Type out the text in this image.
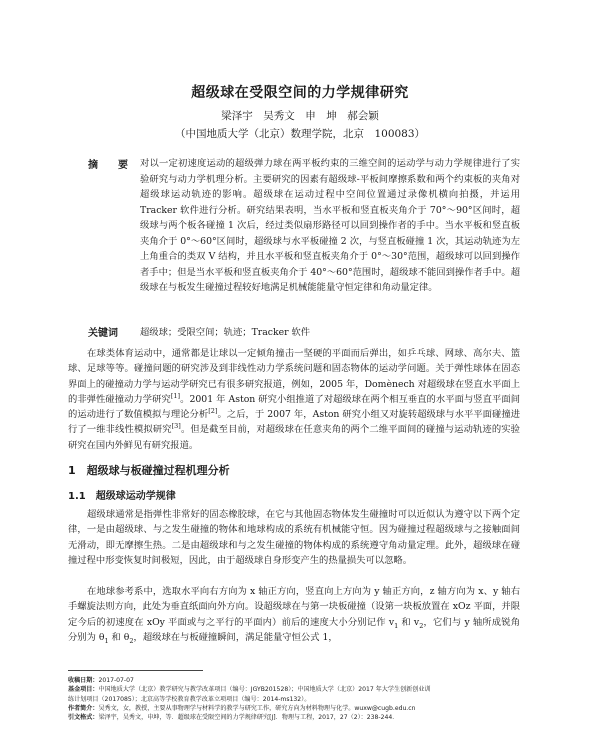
超级球在受限空间的力学规律研究
梁泽宇　吴秀文　申　坤　郝会颖
（中国地质大学（北京）数理学院，北京　100083）
摘　要 对以一定初速度运动的超级弹力球在两平板约束的三维空间的运动学与动力学规律进行了实验研究与动力学机理分析。主要研究的因素有超级球-平板间摩擦系数和两个约束板的夹角对超级球运动轨迹的影响。超级球在运动过程中空间位置通过录像机横向拍摄，并运用 Tracker 软件进行分析。研究结果表明，当水平板和竖直板夹角介于 70°～90°区间时，超级球与两个板各碰撞 1 次后，经过类似扇形路径可以回到操作者的手中。当水平板和竖直板夹角介于 0°～60°区间时，超级球与水平板碰撞 2 次，与竖直板碰撞 1 次，其运动轨迹为左上角重合的类双 V 结构，并且水平板和竖直板夹角介于 0°～30°范围，超级球可以回到操作者手中；但是当水平板和竖直板夹角介于 40°～60°范围时，超级球不能回到操作者手中。超级球在与板发生碰撞过程较好地满足机械能能量守恒定律和角动量定律。
关键词 超级球；受限空间；轨迹；Tracker 软件
在球类体育运动中，通常都是让球以一定倾角撞击一坚硬的平面而后弹出，如乒乓球、网球、高尔夫、篮球、足球等等。碰撞问题的研究涉及到非线性动力学系统问题和固态物体的运动学问题。关于弹性球体在固态界面上的碰撞动力学与运动学研究已有很多研究报道，例如，2005 年，Domènech 对超级球在竖直水平面上的非弹性碰撞动力学研究[1]。2001 年 Aston 研究小组推道了对超级球在两个相互垂直的水平面与竖直平面间的运动进行了数值模拟与理论分析[2]。之后，于 2007 年，Aston 研究小组又对旋转超级球与水平平面碰撞进行了一维非线性模拟研究[3]。但是截至目前，对超级球在任意夹角的两个二维平面间的碰撞与运动轨迹的实验研究在国内外鲜见有研究报道。
1　超级球与板碰撞过程机理分析
1.1　超级球运动学规律
超级球通常是指弹性非常好的固态橡胶球，在它与其他固态物体发生碰撞时可以近似认为遵守以下两个定律，一是由超级球、与之发生碰撞的物体和地球构成的系统有机械能守恒。因为碰撞过程超级球与之接触面间无滑动，即无摩擦生热。二是由超级球和与之发生碰撞的物体构成的系统遵守角动量定理。此外，超级球在碰撞过程中形变恢复时间极短，因此，由于超级球自身形变产生的热量损失可以忽略。
在地球参考系中，选取水平向右方向为 x 轴正方向，竖直向上方向为 y 轴正方向，z 轴方向为 x、y 轴右手螺旋法则方向，此处为垂直纸面向外方向。设超级球在与第一块板碰撞（设第一块板放置在 xOz 平面，并限定今后的初速度在 xOy 平面或与之平行的平面内）前后的速度大小分别记作 $v_1$ 和 $v_2$，它们与 y 轴所成锐角分别为 $\theta_1$ 和 $\theta_2$，超级球在与板碰撞瞬间，满足能量守恒公式 1，
收稿日期：2017-07-07
基金项目：中国地质大学（北京）教学研究与教学改革项目（编号：JGYB201528）；中国地质大学（北京）2017 年大学生创新创业训
练计划项目（2017085）；北京高等学校教育教学改革立项项目（编号：2014-ms132）。
作者简介：吴秀文，女，教授，主要从事物理学与材料学的教学与研究工作，研究方向为材料物理与化学。wuxw@cugb.edu.cn
引文格式：梁泽宇，吴秀文，申坤，等．超级球在受限空间的力学规律研究[J]．物理与工程，2017，27（2）：238-244．
